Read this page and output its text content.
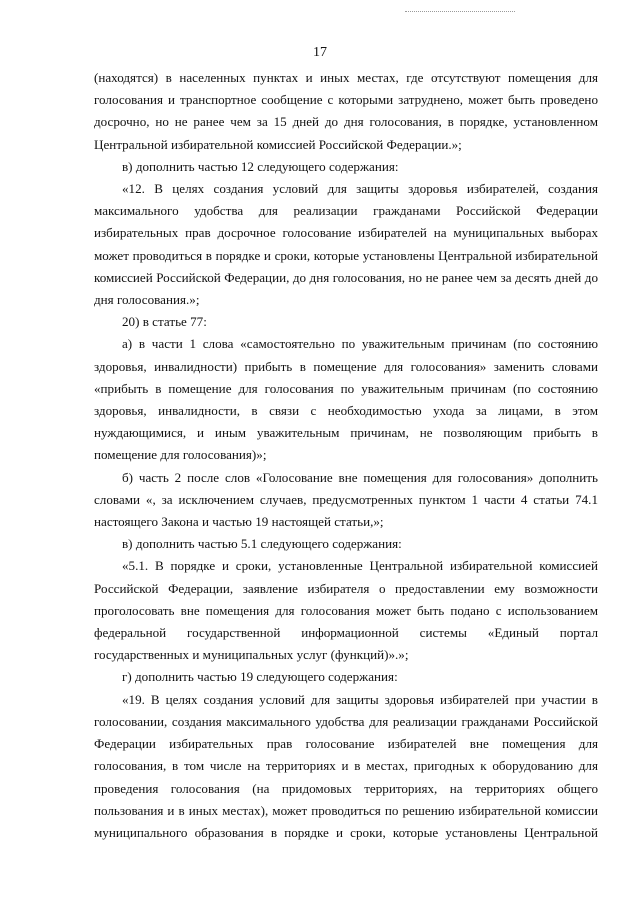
17

(находятся) в населенных пунктах и иных местах, где отсутствуют помещения для голосования и транспортное сообщение с которыми затруднено, может быть проведено досрочно, но не ранее чем за 15 дней до дня голосования, в порядке, установленном Центральной избирательной комиссией Российской Федерации.»;

в) дополнить частью 12 следующего содержания:

«12. В целях создания условий для защиты здоровья избирателей, создания максимального удобства для реализации гражданами Российской Федерации избирательных прав досрочное голосование избирателей на муниципальных выборах может проводиться в порядке и сроки, которые установлены Центральной избирательной комиссией Российской Федерации, до дня голосования, но не ранее чем за десять дней до дня голосования.»;

20) в статье 77:

а) в части 1 слова «самостоятельно по уважительным причинам (по состоянию здоровья, инвалидности) прибыть в помещение для голосования» заменить словами «прибыть в помещение для голосования по уважительным причинам (по состоянию здоровья, инвалидности, в связи с необходимостью ухода за лицами, в этом нуждающимися, и иным уважительным причинам, не позволяющим прибыть в помещение для голосования)»;

б) часть 2 после слов «Голосование вне помещения для голосования» дополнить словами «, за исключением случаев, предусмотренных пунктом 1 части 4 статьи 74.1 настоящего Закона и частью 19 настоящей статьи,»;

в) дополнить частью 5.1 следующего содержания:

«5.1. В порядке и сроки, установленные Центральной избирательной комиссией Российской Федерации, заявление избирателя о предоставлении ему возможности проголосовать вне помещения для голосования может быть подано с использованием федеральной государственной информационной системы «Единый портал государственных и муниципальных услуг (функций)».»;

г) дополнить частью 19 следующего содержания:

«19. В целях создания условий для защиты здоровья избирателей при участии в голосовании, создания максимального удобства для реализации гражданами Российской Федерации избирательных прав голосование избирателей вне помещения для голосования, в том числе на территориях и в местах, пригодных к оборудованию для проведения голосования (на придомовых территориях, на территориях общего пользования и в иных местах), может проводиться по решению избирательной комиссии муниципального образования в порядке и сроки, которые установлены Центральной
